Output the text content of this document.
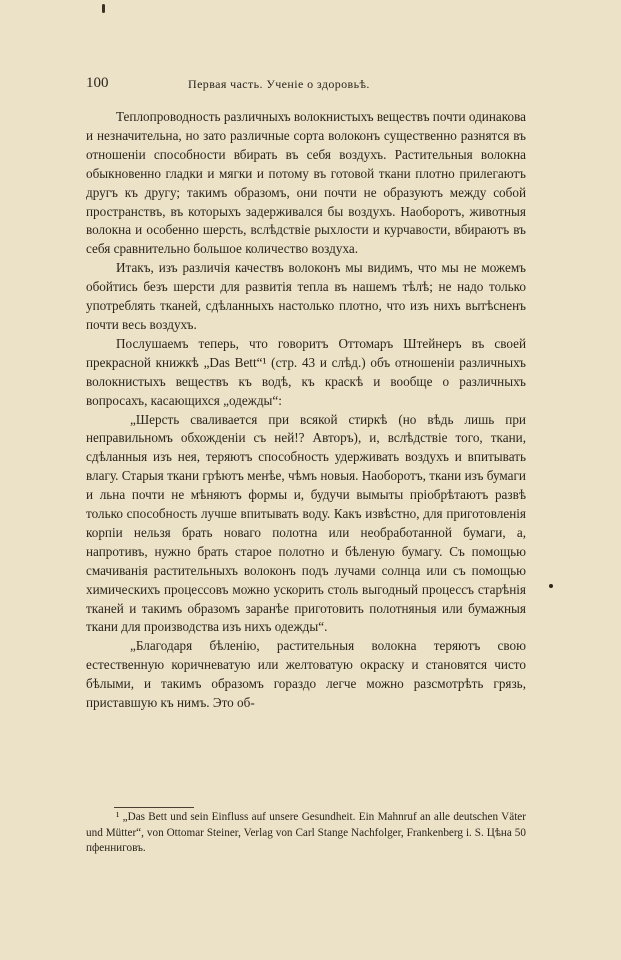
100	Первая часть. Ученiе о здоровьѣ.

Теплопроводность различныхъ волокнистыхъ веществъ почти одинакова и незначительна, но зато различные сорта волоконъ существенно разнятся въ отношенiи способности вбирать въ себя воздухъ. Растительныя волокна обыкновенно гладки и мягки и потому въ готовой ткани плотно прилегаютъ другъ къ другу; такимъ образомъ, они почти не образуютъ между собой пространствъ, въ которыхъ задерживался бы воздухъ. Наоборотъ, животныя волокна и особенно шерсть, вслѣдствiе рыхлости и курчавости, вбираютъ въ себя сравнительно большое количество воздуха.

Итакъ, изъ различiя качествъ волоконъ мы видимъ, что мы не можемъ обойтись безъ шерсти для развитiя тепла въ нашемъ тѣлѣ; не надо только употреблять тканей, сдѣланныхъ настолько плотно, что изъ нихъ вытѣсненъ почти весь воздухъ.

Послушаемъ теперь, что говоритъ Оттомаръ Штейнеръ въ своей прекрасной книжкѣ „Das Bett“¹ (стр. 43 и слѣд.) объ отношенiи различныхъ волокнистыхъ веществъ къ водѣ, къ краскѣ и вообще о различныхъ вопросахъ, касающихся „одежды“:

„Шерсть сваливается при всякой стиркѣ (но вѣдь лишь при неправильномъ обхожденiи съ ней!? Авторъ), и, вслѣдствiе того, ткани, сдѣланныя изъ нея, теряютъ способность удерживать воздухъ и впитывать влагу. Старыя ткани грѣютъ менѣе, чѣмъ новыя. Наоборотъ, ткани изъ бумаги и льна почти не мѣняютъ формы и, будучи вымыты прiобрѣтаютъ развѣ только способность лучше впитывать воду. Какъ извѣстно, для приготовленiя корпiи нельзя брать новаго полотна или необработанной бумаги, а, напротивъ, нужно брать старое полотно и бѣленую бумагу. Съ помощью смачиванiя растительныхъ волоконъ подъ лучами солнца или съ помощью химическихъ процессовъ можно ускорить столь выгодный процессъ старѣнiя тканей и такимъ образомъ заранѣе приготовить полотняныя или бумажныя ткани для производства изъ нихъ одежды“.

„Благодаря бѣленiю, растительныя волокна теряютъ свою естественную коричневатую или желтоватую окраску и становятся чисто бѣлыми, и такимъ образомъ гораздо легче можно разсмотрѣть грязь, приставшую къ нимъ. Это об-

¹ „Das Bett und sein Einfluss auf unsere Gesundheit. Ein Mahnruf an alle deutschen Väter und Mütter“, von Ottomar Steiner, Verlag von Carl Stange Nachfolger, Frankenberg i. S. Цѣна 50 пфенниговъ.
